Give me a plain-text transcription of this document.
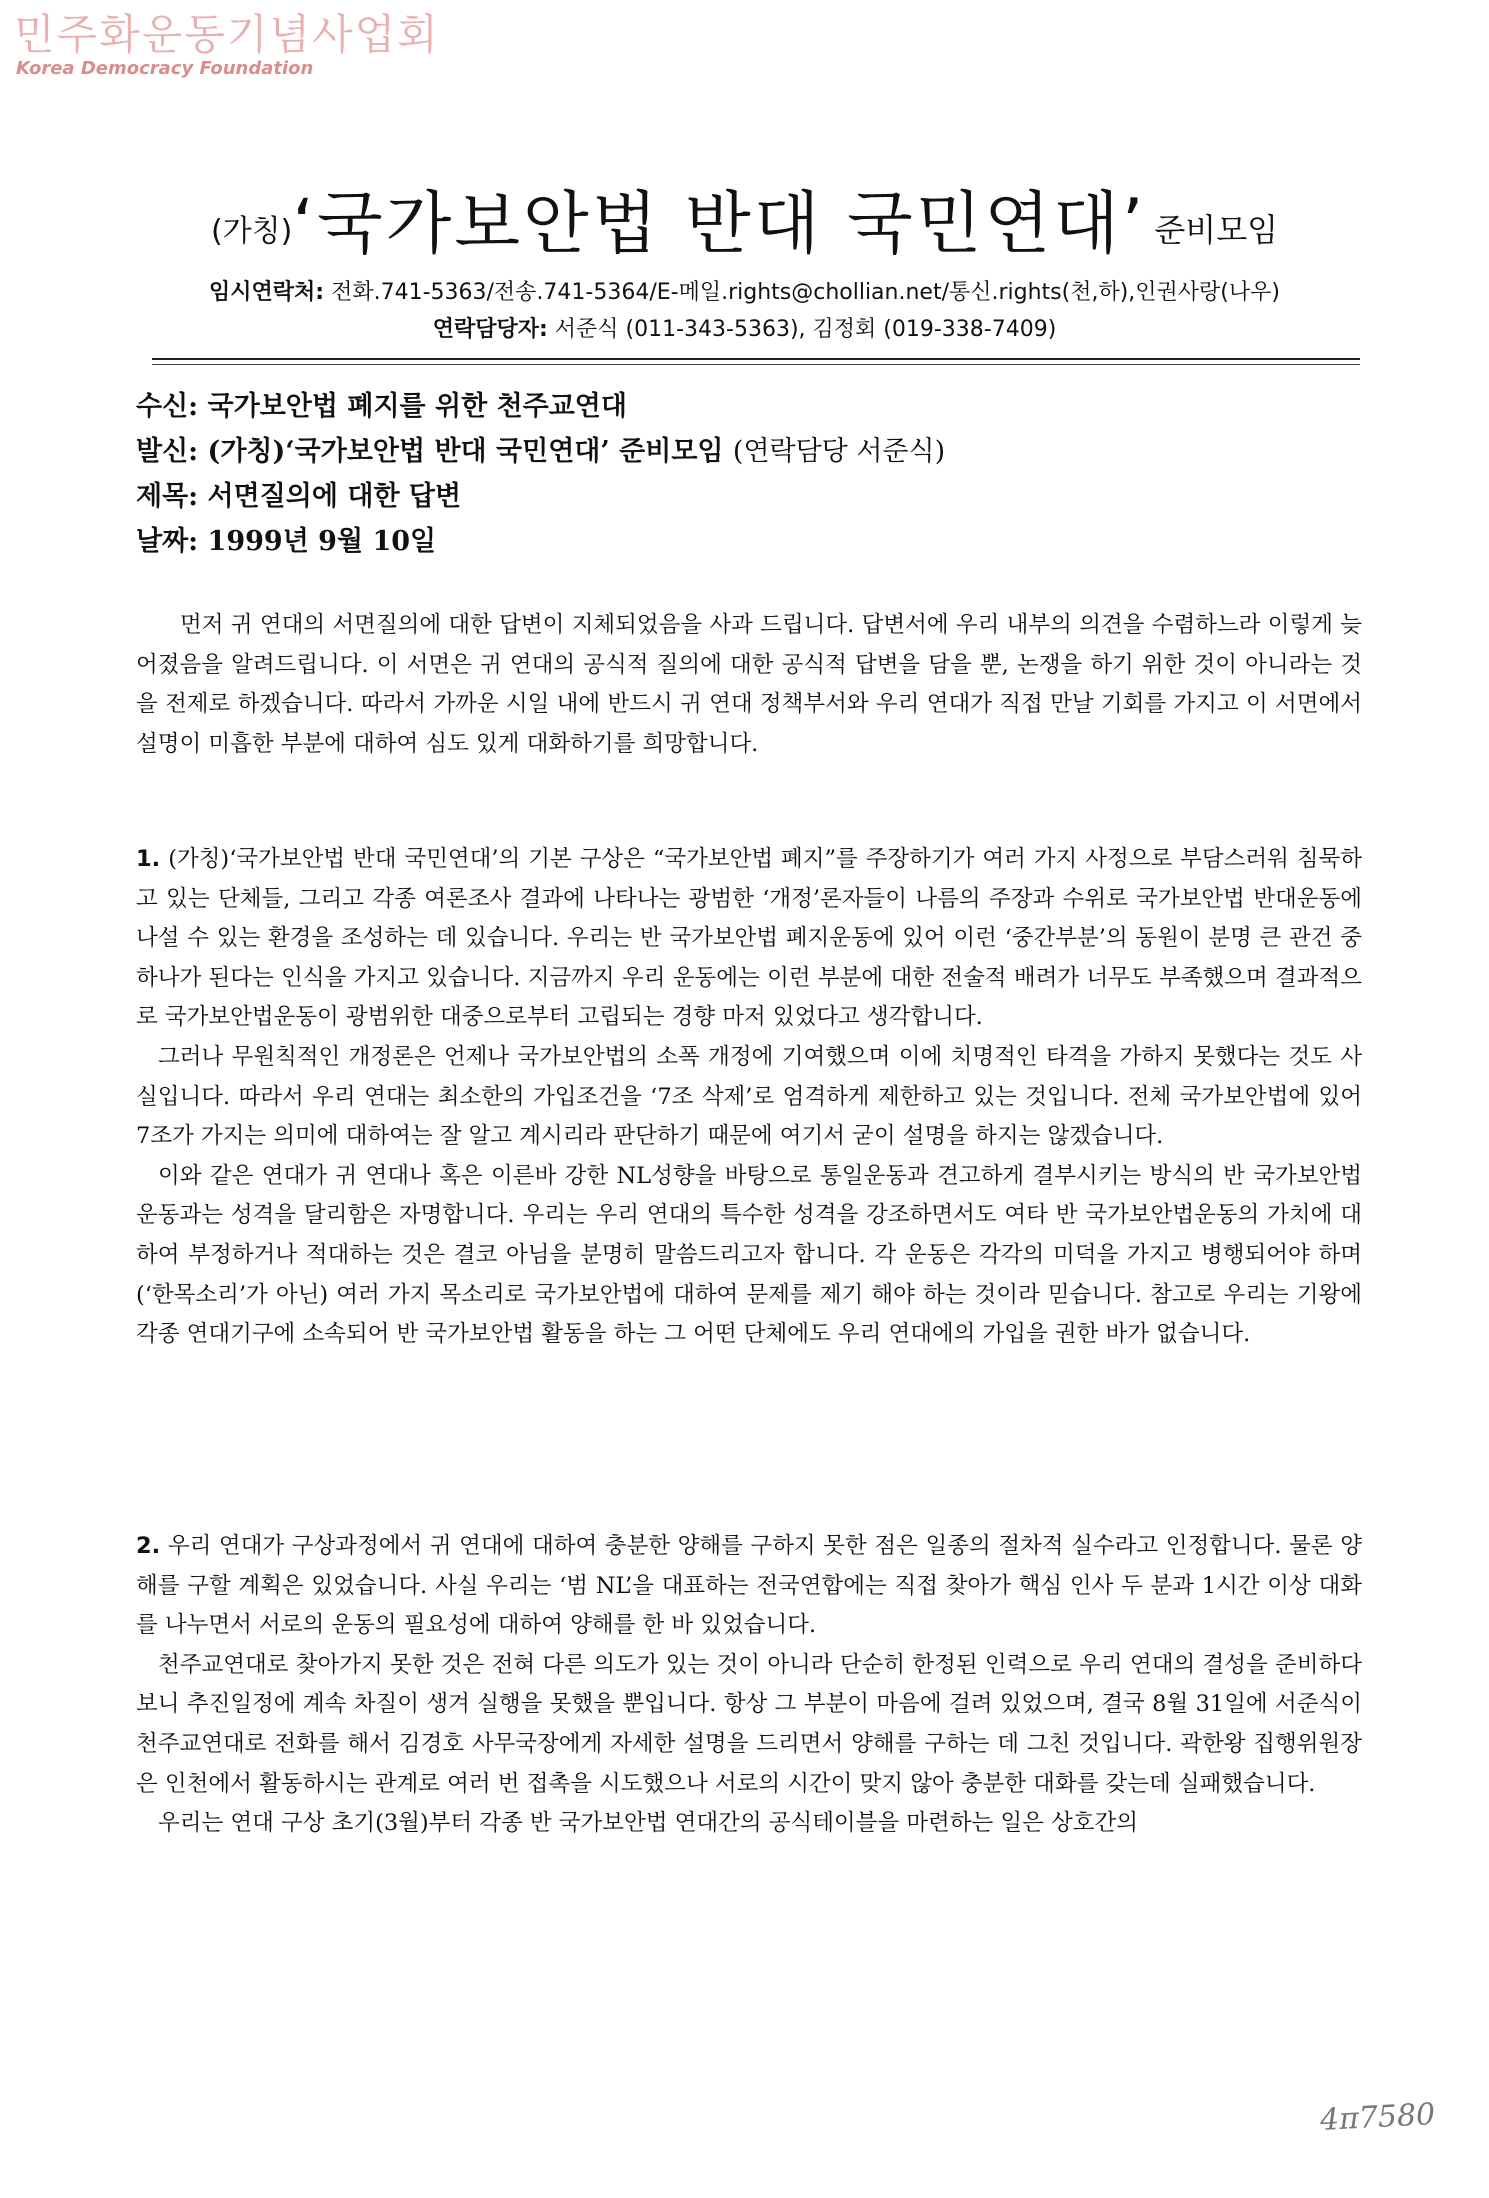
민주화운동기념사업회
Korea Democracy Foundation
(가칭)‘국가보안법 반대 국민연대’ 준비모임
임시연락처: 전화.741-5363/전송.741-5364/E-메일.rights@chollian.net/통신.rights(천,하),인권사랑(나우)
연락담당자: 서준식 (011-343-5363), 김정회 (019-338-7409)
수신: 국가보안법 폐지를 위한 천주교연대
발신: (가칭)‘국가보안법 반대 국민연대’ 준비모임 (연락담당 서준식)
제목: 서면질의에 대한 답변
날짜: 1999년 9월 10일

먼저 귀 연대의 서면질의에 대한 답변이 지체되었음을 사과 드립니다. 답변서에 우리 내부의 의견을 수렴하느라 이렇게 늦어졌음을 알려드립니다. 이 서면은 귀 연대의 공식적 질의에 대한 공식적 답변을 담을 뿐, 논쟁을 하기 위한 것이 아니라는 것을 전제로 하겠습니다. 따라서 가까운 시일 내에 반드시 귀 연대 정책부서와 우리 연대가 직접 만날 기회를 가지고 이 서면에서 설명이 미흡한 부분에 대하여 심도 있게 대화하기를 희망합니다.

1. (가칭)‘국가보안법 반대 국민연대’의 기본 구상은 “국가보안법 폐지”를 주장하기가 여러 가지 사정으로 부담스러워 침묵하고 있는 단체들, 그리고 각종 여론조사 결과에 나타나는 광범한 ‘개정’론자들이 나름의 주장과 수위로 국가보안법 반대운동에 나설 수 있는 환경을 조성하는 데 있습니다. 우리는 반 국가보안법 폐지운동에 있어 이런 ‘중간부분’의 동원이 분명 큰 관건 중 하나가 된다는 인식을 가지고 있습니다. 지금까지 우리 운동에는 이런 부분에 대한 전술적 배려가 너무도 부족했으며 결과적으로 국가보안법운동이 광범위한 대중으로부터 고립되는 경향 마저 있었다고 생각합니다.

그러나 무원칙적인 개정론은 언제나 국가보안법의 소폭 개정에 기여했으며 이에 치명적인 타격을 가하지 못했다는 것도 사실입니다. 따라서 우리 연대는 최소한의 가입조건을 ‘7조 삭제’로 엄격하게 제한하고 있는 것입니다. 전체 국가보안법에 있어 7조가 가지는 의미에 대하여는 잘 알고 계시리라 판단하기 때문에 여기서 굳이 설명을 하지는 않겠습니다.

이와 같은 연대가 귀 연대나 혹은 이른바 강한 NL성향을 바탕으로 통일운동과 견고하게 결부시키는 방식의 반 국가보안법운동과는 성격을 달리함은 자명합니다. 우리는 우리 연대의 특수한 성격을 강조하면서도 여타 반 국가보안법운동의 가치에 대하여 부정하거나 적대하는 것은 결코 아님을 분명히 말씀드리고자 합니다. 각 운동은 각각의 미덕을 가지고 병행되어야 하며 (‘한목소리’가 아닌) 여러 가지 목소리로 국가보안법에 대하여 문제를 제기 해야 하는 것이라 믿습니다. 참고로 우리는 기왕에 각종 연대기구에 소속되어 반 국가보안법 활동을 하는 그 어떤 단체에도 우리 연대에의 가입을 권한 바가 없습니다.

2. 우리 연대가 구상과정에서 귀 연대에 대하여 충분한 양해를 구하지 못한 점은 일종의 절차적 실수라고 인정합니다. 물론 양해를 구할 계획은 있었습니다. 사실 우리는 ‘범 NL’을 대표하는 전국연합에는 직접 찾아가 핵심 인사 두 분과 1시간 이상 대화를 나누면서 서로의 운동의 필요성에 대하여 양해를 한 바 있었습니다.

천주교연대로 찾아가지 못한 것은 전혀 다른 의도가 있는 것이 아니라 단순히 한정된 인력으로 우리 연대의 결성을 준비하다 보니 추진일정에 계속 차질이 생겨 실행을 못했을 뿐입니다. 항상 그 부분이 마음에 걸려 있었으며, 결국 8월 31일에 서준식이 천주교연대로 전화를 해서 김경호 사무국장에게 자세한 설명을 드리면서 양해를 구하는 데 그친 것입니다. 곽한왕 집행위원장은 인천에서 활동하시는 관계로 여러 번 접촉을 시도했으나 서로의 시간이 맞지 않아 충분한 대화를 갖는데 실패했습니다.

우리는 연대 구상 초기(3월)부터 각종 반 국가보안법 연대간의 공식테이블을 마련하는 일은 상호간의

4π7580
